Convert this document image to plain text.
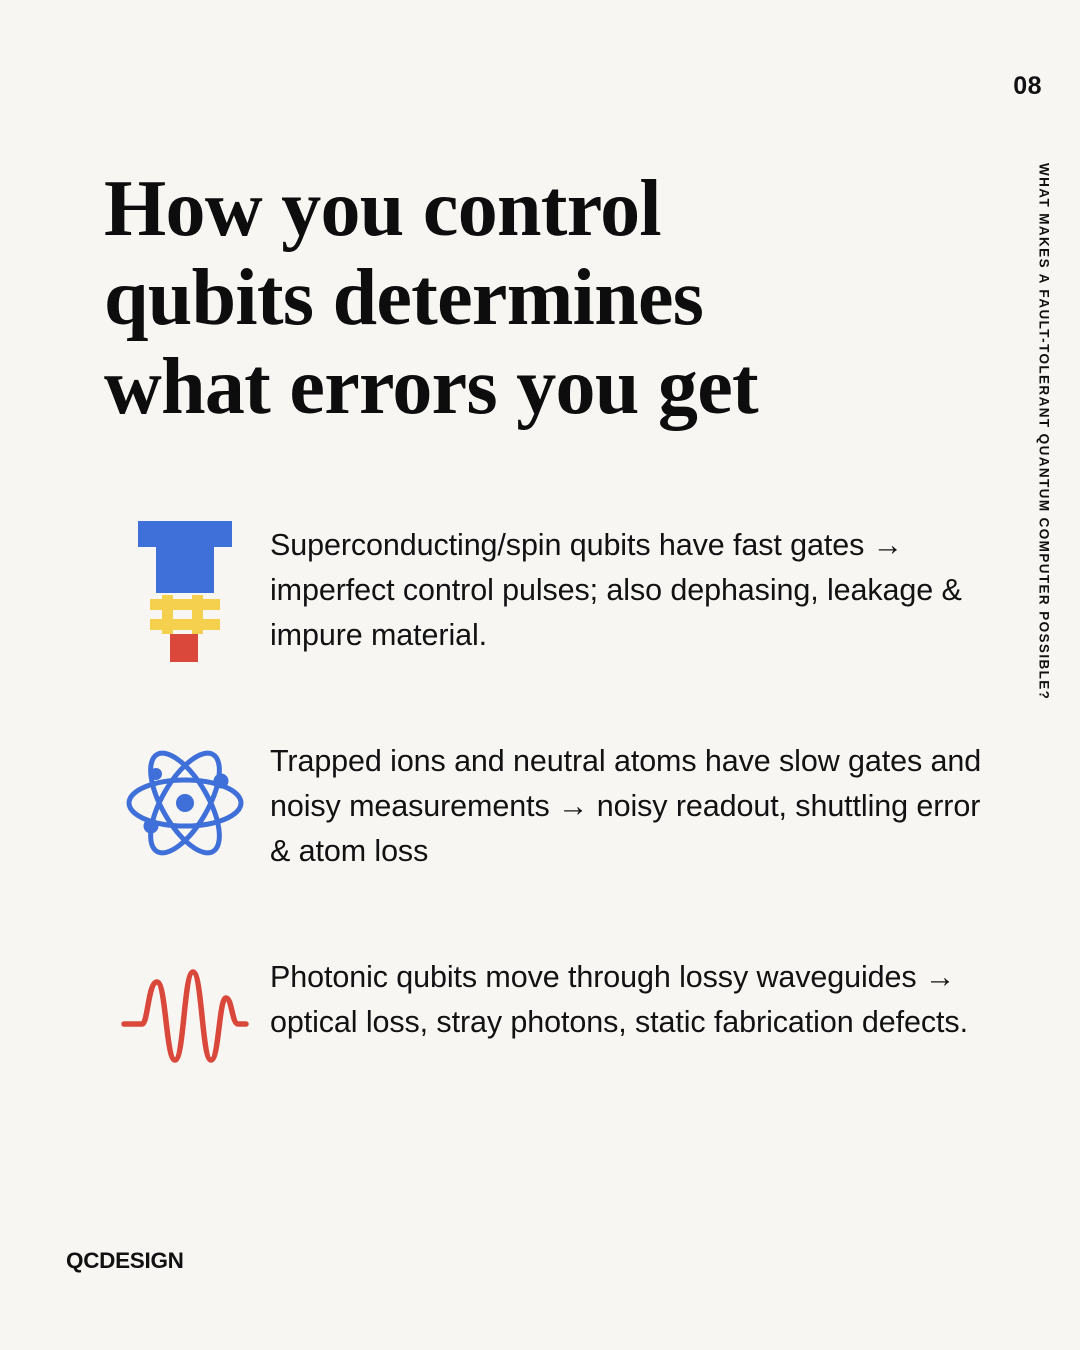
08
WHAT MAKES A FAULT-TOLERANT QUANTUM COMPUTER POSSIBLE?
How you control
qubits determines
what errors you get
Superconducting/spin qubits have fast gates → imperfect control pulses; also dephasing, leakage & impure material.
Trapped ions and neutral atoms have slow gates and noisy measurements → noisy readout, shuttling error & atom loss
Photonic qubits move through lossy waveguides → optical loss, stray photons, static fabrication defects.
QCDESIGN
